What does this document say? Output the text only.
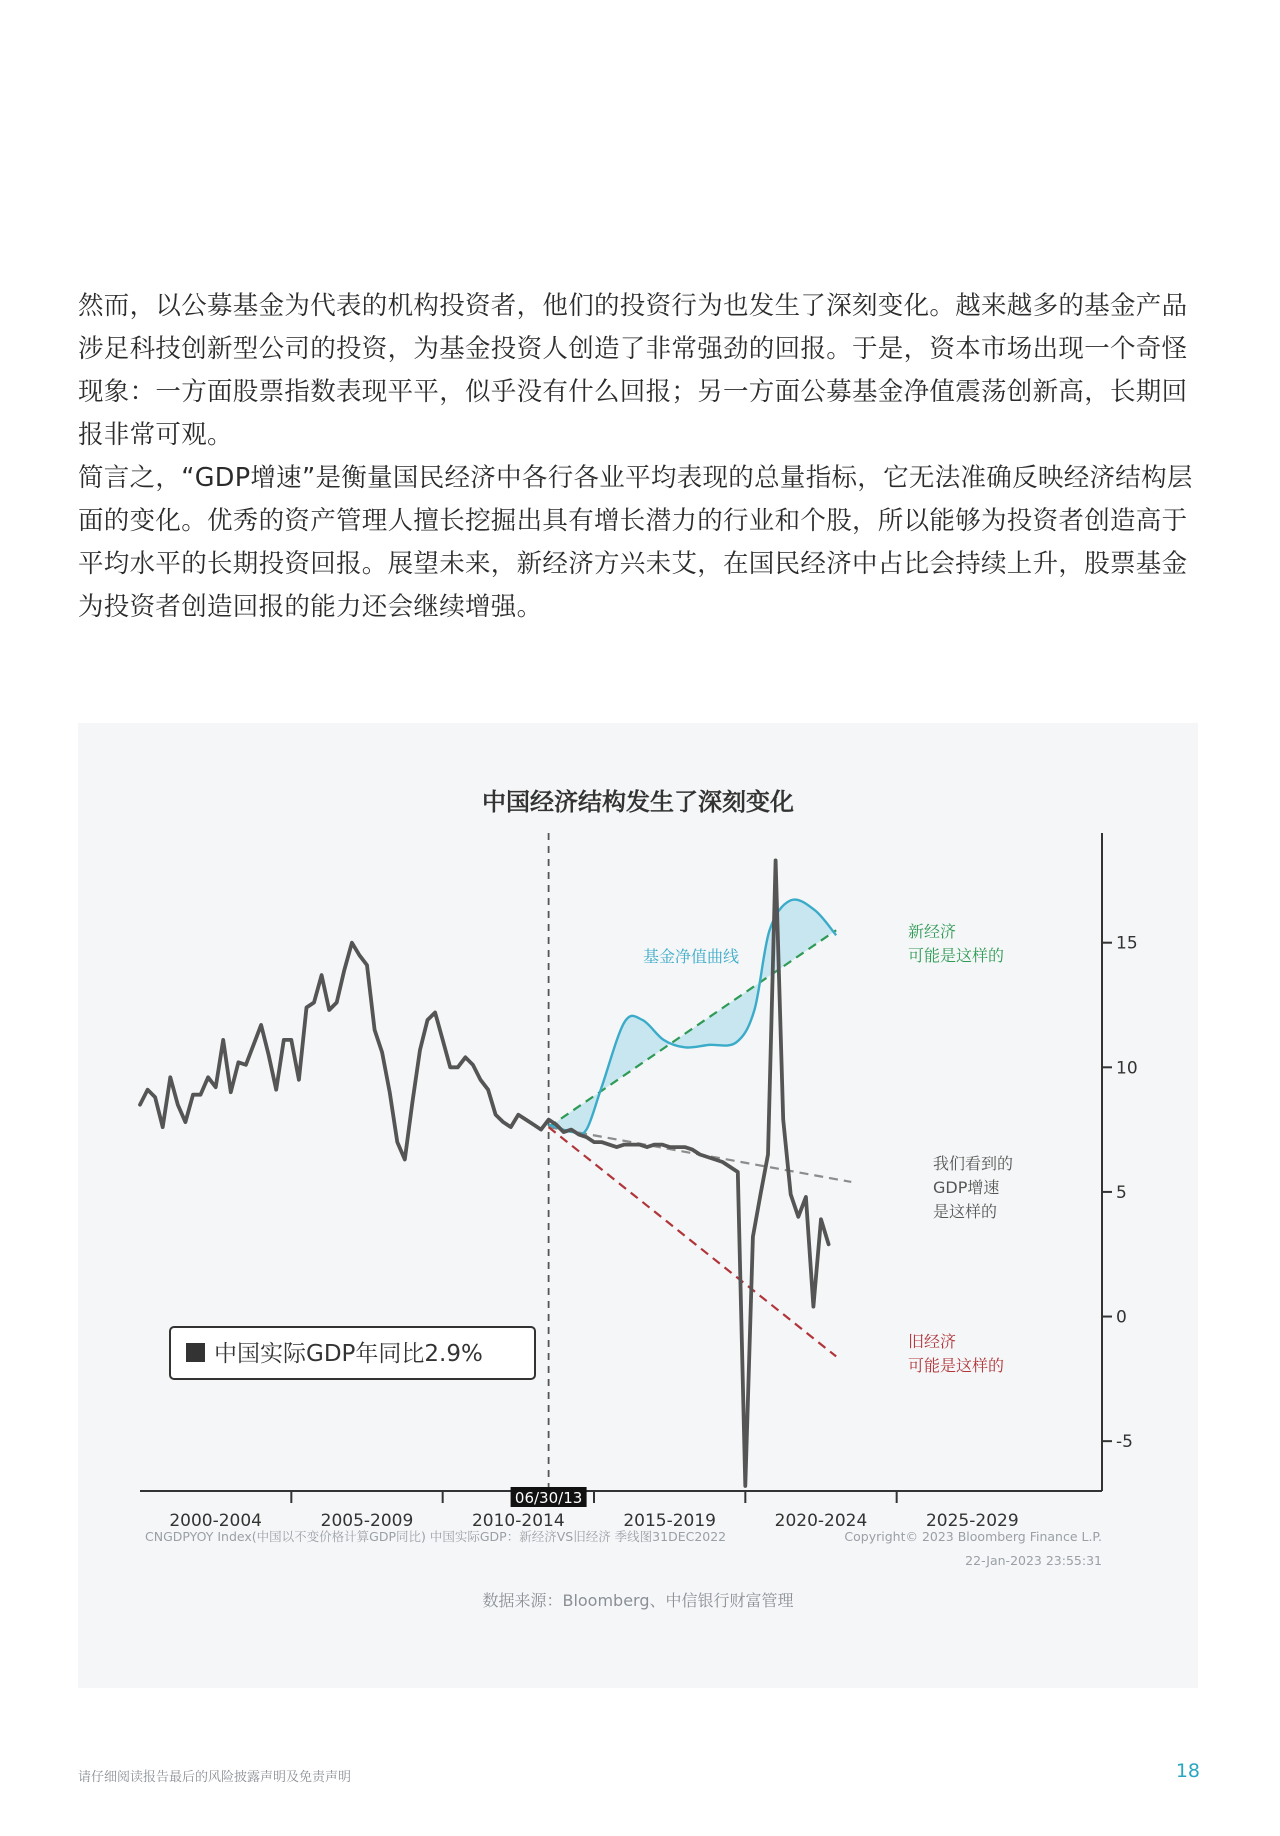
然而，以公募基金为代表的机构投资者，他们的投资行为也发生了深刻变化。越来越多的基金产品涉足科技创新型公司的投资，为基金投资人创造了非常强劲的回报。于是，资本市场出现一个奇怪现象：一方面股票指数表现平平，似乎没有什么回报；另一方面公募基金净值震荡创新高，长期回报非常可观。

简言之，“GDP增速”是衡量国民经济中各行各业平均表现的总量指标，它无法准确反映经济结构层面的变化。优秀的资产管理人擅长挖掘出具有增长潜力的行业和个股，所以能够为投资者创造高于平均水平的长期投资回报。展望未来，新经济方兴未艾，在国民经济中占比会持续上升，股票基金为投资者创造回报的能力还会继续增强。

中国经济结构发生了深刻变化
-5
0
5
10
15
2000-2004	2005-2009	2010-2014	2015-2019	2020-2024	2025-2029
06/30/13
基金净值曲线
新经济
可能是这样的
我们看到的
GDP增速
是这样的
旧经济
可能是这样的
中国实际GDP年同比2.9%
CNGDPYOY Index(中国以不变价格计算GDP同比) 中国实际GDP：新经济VS旧经济 季线图31DEC2022	Copyright© 2023 Bloomberg Finance L.P.
22-Jan-2023 23:55:31
数据来源：Bloomberg、中信银行财富管理
请仔细阅读报告最后的风险披露声明及免责声明	18
